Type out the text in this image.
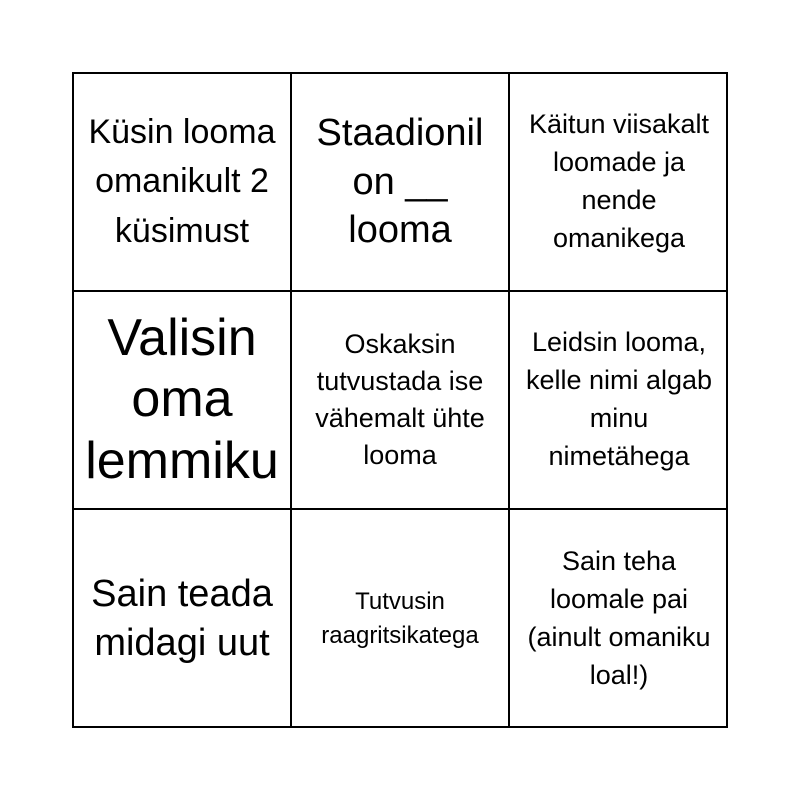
Küsin looma omanikult 2 küsimust
Staadionil on __ looma
Käitun viisakalt loomade ja nende omanikega
Valisin oma lemmiku
Oskaksin tutvustada ise vähemalt ühte looma
Leidsin looma, kelle nimi algab minu nimetähega
Sain teada midagi uut
Tutvusin raagritsikatega
Sain teha loomale pai (ainult omaniku loal!)
